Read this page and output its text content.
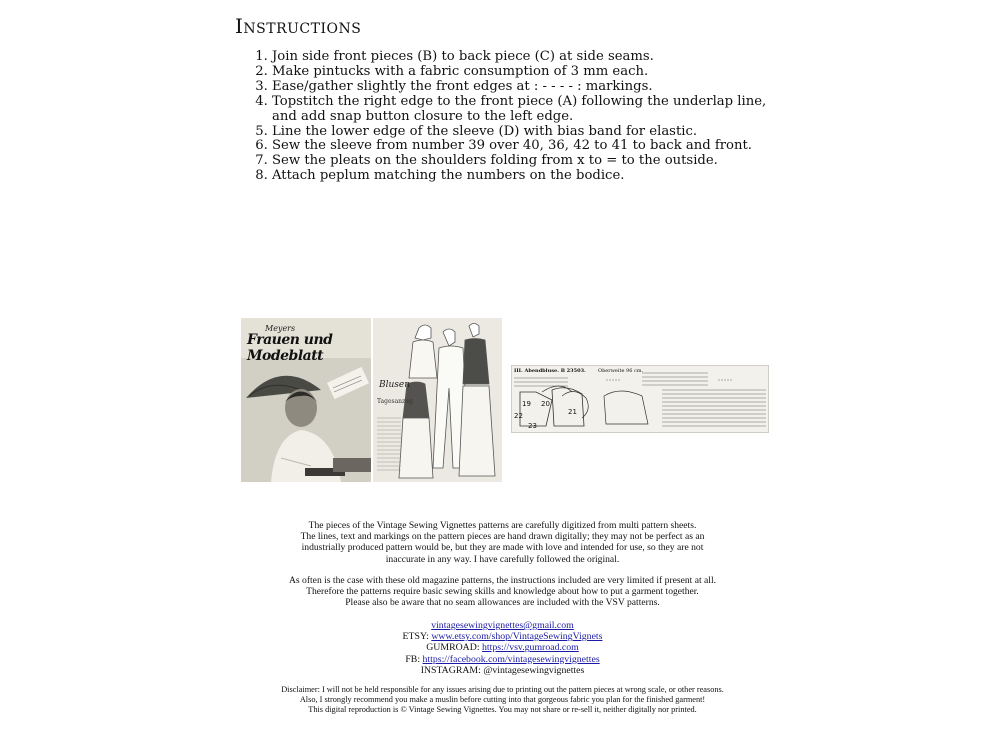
Instructions
1. Join side front pieces (B) to back piece (C) at side seams.
2. Make pintucks with a fabric consumption of 3 mm each.
3. Ease/gather slightly the front edges at : - - - - : markings.
4. Topstitch the right edge to the front piece (A) following the underlap line, and add snap button closure to the left edge.
5. Line the lower edge of the sleeve (D) with bias band for elastic.
6. Sew the sleeve from number 39 over 40, 36, 42 to 41 to back and front.
7. Sew the pleats on the shoulders folding from x to = to the outside.
8. Attach peplum matching the numbers on the bodice.
Meyers
Frauen und Modeblatt
Blusen
Tagesanzug
III. Abendbluse. B 23503. Oberweite 96 cm.
19 20
21
22
23
The pieces of the Vintage Sewing Vignettes patterns are carefully digitized from multi pattern sheets.
The lines, text and markings on the pattern pieces are hand drawn digitally; they may not be perfect as an
industrially produced pattern would be, but they are made with love and intended for use, so they are not
inaccurate in any way. I have carefully followed the original.
As often is the case with these old magazine patterns, the instructions included are very limited if present at all.
Therefore the patterns require basic sewing skills and knowledge about how to put a garment together.
Please also be aware that no seam allowances are included with the VSV patterns.
vintagesewingvignettes@gmail.com
ETSY: www.etsy.com/shop/VintageSewingVignets
GUMROAD: https://vsv.gumroad.com
FB: https://facebook.com/vintagesewingvignettes
INSTAGRAM: @vintagesewingvignettes
Disclaimer: I will not be held responsible for any issues arising due to printing out the pattern pieces at wrong scale, or other reasons.
Also, I strongly recommend you make a muslin before cutting into that gorgeous fabric you plan for the finished garment!
This digital reproduction is © Vintage Sewing Vignettes. You may not share or re-sell it, neither digitally nor printed.
